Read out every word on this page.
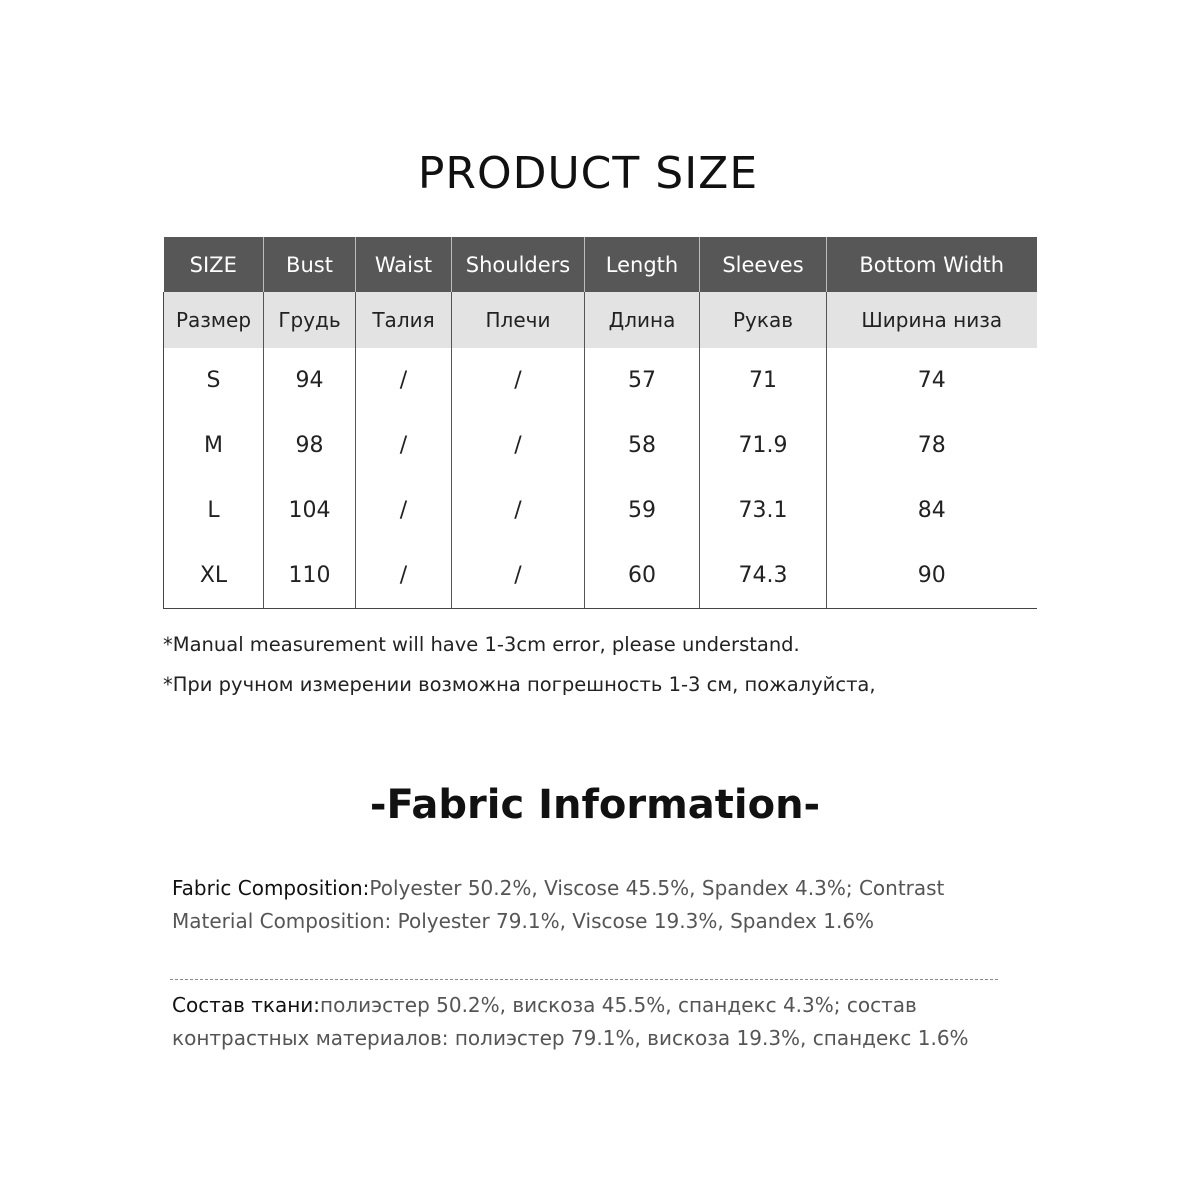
PRODUCT SIZE
SIZE	Bust	Waist	Shoulders	Length	Sleeves	Bottom Width
Размер	Грудь	Талия	Плечи	Длина	Рукав	Ширина низа
S	94	/	/	57	71	74
M	98	/	/	58	71.9	78
L	104	/	/	59	73.1	84
XL	110	/	/	60	74.3	90

*Manual measurement will have 1-3cm error, please understand.

*При ручном измерении возможна погрешность 1-3 см, пожалуйста,

-Fabric Information-

Fabric Composition:Polyester 50.2%, Viscose 45.5%, Spandex 4.3%; Contrast Material Composition: Polyester 79.1%, Viscose 19.3%, Spandex 1.6%

Состав ткани:полиэстер 50.2%, вискоза 45.5%, спандекс 4.3%; состав контрастных материалов: полиэстер 79.1%, вискоза 19.3%, спандекс 1.6%
